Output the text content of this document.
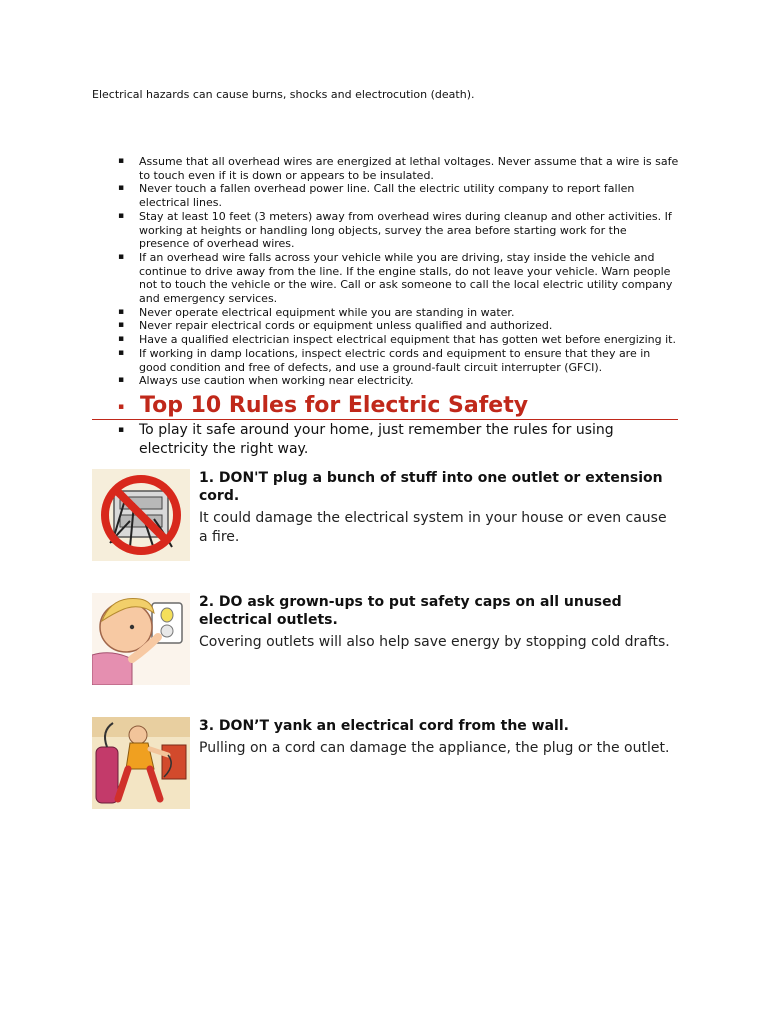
Electrical hazards can cause burns, shocks and electrocution (death).

▪ Assume that all overhead wires are energized at lethal voltages. Never assume that a wire is safe to touch even if it is down or appears to be insulated.
▪ Never touch a fallen overhead power line. Call the electric utility company to report fallen electrical lines.
▪ Stay at least 10 feet (3 meters) away from overhead wires during cleanup and other activities. If working at heights or handling long objects, survey the area before starting work for the presence of overhead wires.
▪ If an overhead wire falls across your vehicle while you are driving, stay inside the vehicle and continue to drive away from the line. If the engine stalls, do not leave your vehicle. Warn people not to touch the vehicle or the wire. Call or ask someone to call the local electric utility company and emergency services.
▪ Never operate electrical equipment while you are standing in water.
▪ Never repair electrical cords or equipment unless qualified and authorized.
▪ Have a qualified electrician inspect electrical equipment that has gotten wet before energizing it.
▪ If working in damp locations, inspect electric cords and equipment to ensure that they are in good condition and free of defects, and use a ground-fault circuit interrupter (GFCI).
▪ Always use caution when working near electricity.
▪ Top 10 Rules for Electric Safety
▪	To play it safe around your home, just remember the rules for using electricity the right way.

1. DON'T plug a bunch of stuff into one outlet or extension cord.

It could damage the electrical system in your house or even cause a fire.

2. DO ask grown-ups to put safety caps on all unused electrical outlets.

Covering outlets will also help save energy by stopping cold drafts.

3. DON’T yank an electrical cord from the wall.

Pulling on a cord can damage the appliance, the plug or the outlet.
